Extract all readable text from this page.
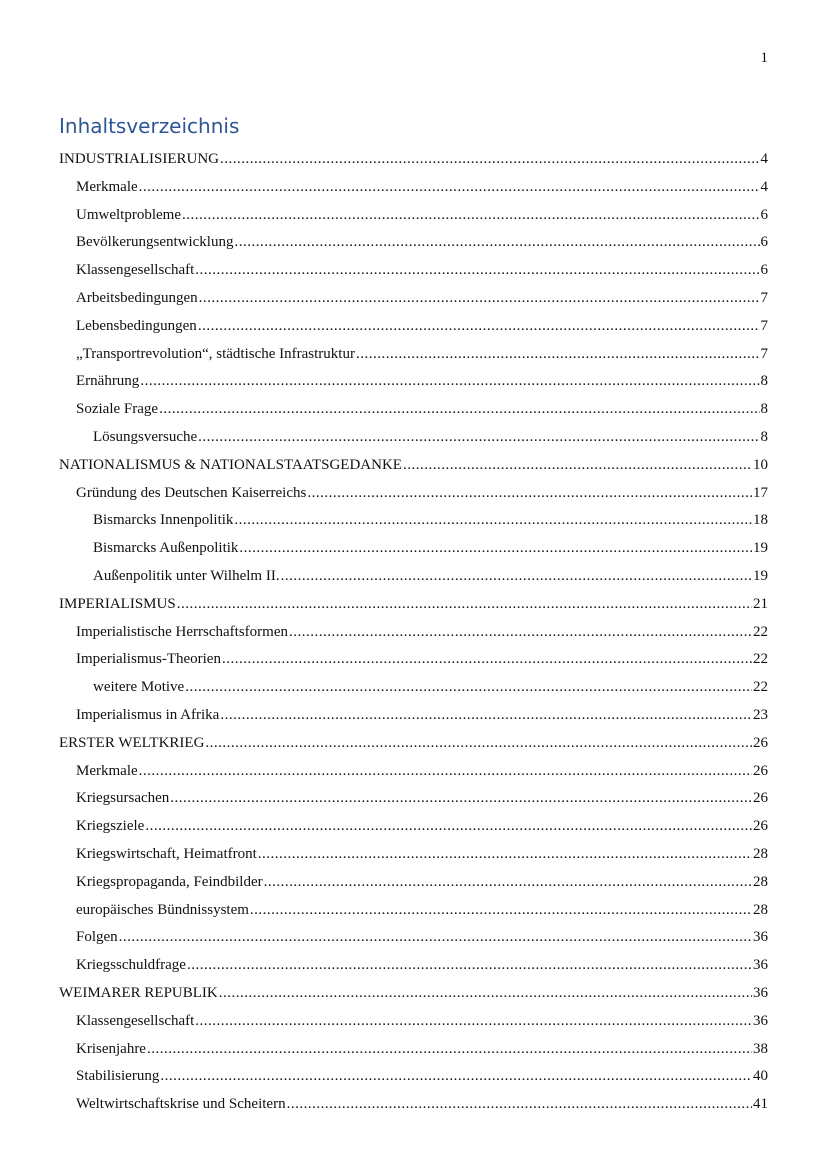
1
Inhaltsverzeichnis
INDUSTRIALISIERUNG .....	4
Merkmale .....	4
Umweltprobleme .....	6
Bevölkerungsentwicklung .....	6
Klassengesellschaft .....	6
Arbeitsbedingungen .....	7
Lebensbedingungen .....	7
„Transportrevolution“, städtische Infrastruktur .....	7
Ernährung .....	8
Soziale Frage .....	8
Lösungsversuche .....	8
NATIONALISMUS & NATIONALSTAATSGEDANKE .....	10
Gründung des Deutschen Kaiserreichs .....	17
Bismarcks Innenpolitik .....	18
Bismarcks Außenpolitik .....	19
Außenpolitik unter Wilhelm II. .....	19
IMPERIALISMUS .....	21
Imperialistische Herrschaftsformen .....	22
Imperialismus-Theorien .....	22
weitere Motive .....	22
Imperialismus in Afrika .....	23
ERSTER WELTKRIEG .....	26
Merkmale .....	26
Kriegsursachen .....	26
Kriegsziele .....	26
Kriegswirtschaft, Heimatfront .....	28
Kriegspropaganda, Feindbilder .....	28
europäisches Bündnissystem .....	28
Folgen .....	36
Kriegsschuldfrage .....	36
WEIMARER REPUBLIK .....	36
Klassengesellschaft .....	36
Krisenjahre .....	38
Stabilisierung .....	40
Weltwirtschaftskrise und Scheitern .....	41
